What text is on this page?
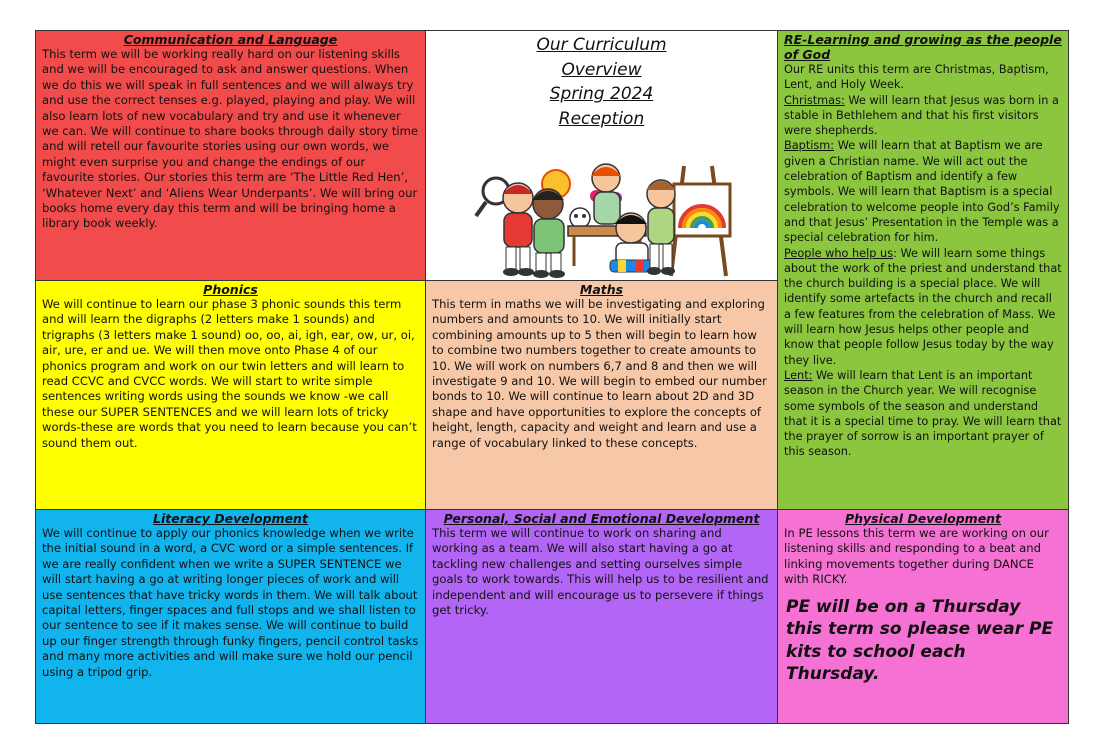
Communication and Language

This term we will be working really hard on our listening skills and we will be encouraged to ask and answer questions. When we do this we will speak in full sentences and we will always try and use the correct tenses e.g. played, playing and play. We will also learn lots of new vocabulary and try and use it whenever we can. We will continue to share books through daily story time and will retell our favourite stories using our own words, we might even surprise you and change the endings of our favourite stories. Our stories this term are ‘The Little Red Hen’, ‘Whatever Next’ and ‘Aliens Wear Underpants’. We will bring our books home every day this term and will be bringing home a library book weekly.

Our Curriculum
Overview
Spring 2024
Reception

RE-Learning and growing as the people of God

Our RE units this term are Christmas, Baptism, Lent, and Holy Week.
Christmas: We will learn that Jesus was born in a stable in Bethlehem and that his first visitors were shepherds.
Baptism: We will learn that at Baptism we are given a Christian name. We will act out the celebration of Baptism and identify a few symbols. We will learn that Baptism is a special celebration to welcome people into God’s Family and that Jesus’ Presentation in the Temple was a special celebration for him.
People who help us: We will learn some things about the work of the priest and understand that the church building is a special place. We will identify some artefacts in the church and recall a few features from the celebration of Mass. We will learn how Jesus helps other people and know that people follow Jesus today by the way they live.
Lent: We will learn that Lent is an important season in the Church year. We will recognise some symbols of the season and understand that it is a special time to pray. We will learn that the prayer of sorrow is an important prayer of this season.

Phonics

We will continue to learn our phase 3 phonic sounds this term and will learn the digraphs (2 letters make 1 sounds) and trigraphs (3 letters make 1 sound) oo, oo, ai, igh, ear, ow, ur, oi, air, ure, er and ue. We will then move onto Phase 4 of our phonics program and work on our twin letters and will learn to read CCVC and CVCC words. We will start to write simple sentences writing words using the sounds we know -we call these our SUPER SENTENCES and we will learn lots of tricky words-these are words that you need to learn because you can’t sound them out.

Maths

This term in maths we will be investigating and exploring numbers and amounts to 10. We will initially start combining amounts up to 5 then will begin to learn how to combine two numbers together to create amounts to 10. We will work on numbers 6,7 and 8 and then we will investigate 9 and 10. We will begin to embed our number bonds to 10. We will continue to learn about 2D and 3D shape and have opportunities to explore the concepts of height, length, capacity and weight and learn and use a range of vocabulary linked to these concepts.

Literacy Development

We will continue to apply our phonics knowledge when we write the initial sound in a word, a CVC word or a simple sentences. If we are really confident when we write a SUPER SENTENCE we will start having a go at writing longer pieces of work and will use sentences that have tricky words in them. We will talk about capital letters, finger spaces and full stops and we shall listen to our sentence to see if it makes sense. We will continue to build up our finger strength through funky fingers, pencil control tasks and many more activities and will make sure we hold our pencil using a tripod grip.

Personal, Social and Emotional Development

This term we will continue to work on sharing and working as a team. We will also start having a go at tackling new challenges and setting ourselves simple goals to work towards. This will help us to be resilient and independent and will encourage us to persevere if things get tricky.

Physical Development

In PE lessons this term we are working on our listening skills and responding to a beat and linking movements together during DANCE with RICKY.

PE will be on a Thursday this term so please wear PE kits to school each Thursday.
